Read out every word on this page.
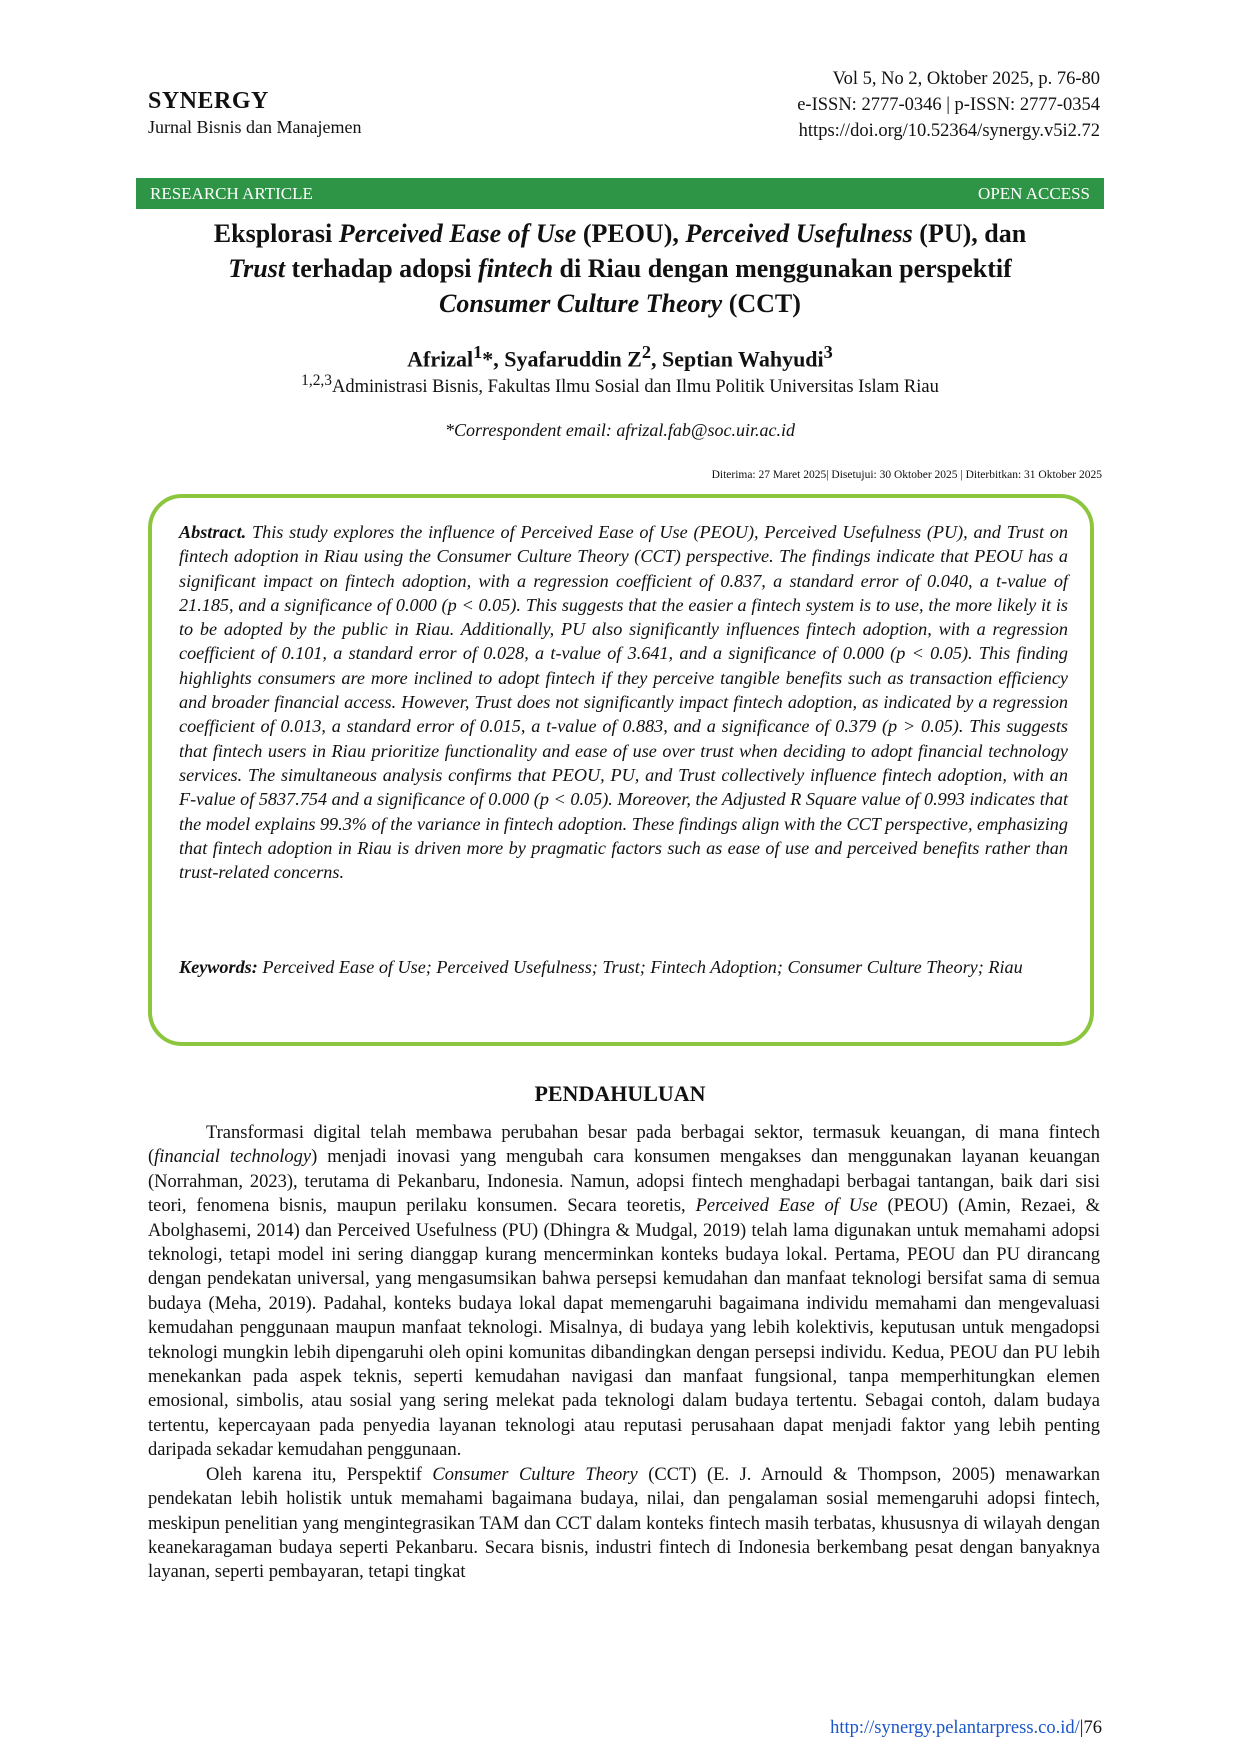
SYNERGY
Jurnal Bisnis dan Manajemen
Vol 5, No 2, Oktober 2025, p. 76-80
e-ISSN: 2777-0346 | p-ISSN: 2777-0354
https://doi.org/10.52364/synergy.v5i2.72
RESEARCH ARTICLE	OPEN ACCESS
Eksplorasi Perceived Ease of Use (PEOU), Perceived Usefulness (PU), dan
Trust terhadap adopsi fintech di Riau dengan menggunakan perspektif
Consumer Culture Theory (CCT)
Afrizal$^1$*, Syafaruddin $Z^2$, Septian Wahyudi$^3$
$^{1,2,3}$Administrasi Bisnis, Fakultas Ilmu Sosial dan Ilmu Politik Universitas Islam Riau
*Correspondent email: afrizal.fab@soc.uir.ac.id
Diterima: 27 Maret 2025| Disetujui: 30 Oktober 2025 | Diterbitkan: 31 Oktober 2025
Abstract. This study explores the influence of Perceived Ease of Use (PEOU), Perceived Usefulness (PU), and Trust on fintech adoption in Riau using the Consumer Culture Theory (CCT) perspective. The findings indicate that PEOU has a significant impact on fintech adoption, with a regression coefficient of 0.837, a standard error of 0.040, a t-value of 21.185, and a significance of 0.000 (p < 0.05). This suggests that the easier a fintech system is to use, the more likely it is to be adopted by the public in Riau. Additionally, PU also significantly influences fintech adoption, with a regression coefficient of 0.101, a standard error of 0.028, a t-value of 3.641, and a significance of 0.000 (p < 0.05). This finding highlights consumers are more inclined to adopt fintech if they perceive tangible benefits such as transaction efficiency and broader financial access. However, Trust does not significantly impact fintech adoption, as indicated by a regression coefficient of 0.013, a standard error of 0.015, a t-value of 0.883, and a significance of 0.379 (p > 0.05). This suggests that fintech users in Riau prioritize functionality and ease of use over trust when deciding to adopt financial technology services. The simultaneous analysis confirms that PEOU, PU, and Trust collectively influence fintech adoption, with an F-value of 5837.754 and a significance of 0.000 (p < 0.05). Moreover, the Adjusted R Square value of 0.993 indicates that the model explains 99.3% of the variance in fintech adoption. These findings align with the CCT perspective, emphasizing that fintech adoption in Riau is driven more by pragmatic factors such as ease of use and perceived benefits rather than trust-related concerns.
Keywords: Perceived Ease of Use; Perceived Usefulness; Trust; Fintech Adoption; Consumer Culture Theory; Riau
PENDAHULUAN

Transformasi digital telah membawa perubahan besar pada berbagai sektor, termasuk keuangan, di mana fintech (financial technology) menjadi inovasi yang mengubah cara konsumen mengakses dan menggunakan layanan keuangan (Norrahman, 2023), terutama di Pekanbaru, Indonesia. Namun, adopsi fintech menghadapi berbagai tantangan, baik dari sisi teori, fenomena bisnis, maupun perilaku konsumen. Secara teoretis, Perceived Ease of Use (PEOU) (Amin, Rezaei, & Abolghasemi, 2014) dan Perceived Usefulness (PU) (Dhingra & Mudgal, 2019) telah lama digunakan untuk memahami adopsi teknologi, tetapi model ini sering dianggap kurang mencerminkan konteks budaya lokal. Pertama, PEOU dan PU dirancang dengan pendekatan universal, yang mengasumsikan bahwa persepsi kemudahan dan manfaat teknologi bersifat sama di semua budaya (Meha, 2019). Padahal, konteks budaya lokal dapat memengaruhi bagaimana individu memahami dan mengevaluasi kemudahan penggunaan maupun manfaat teknologi. Misalnya, di budaya yang lebih kolektivis, keputusan untuk mengadopsi teknologi mungkin lebih dipengaruhi oleh opini komunitas dibandingkan dengan persepsi individu. Kedua, PEOU dan PU lebih menekankan pada aspek teknis, seperti kemudahan navigasi dan manfaat fungsional, tanpa memperhitungkan elemen emosional, simbolis, atau sosial yang sering melekat pada teknologi dalam budaya tertentu. Sebagai contoh, dalam budaya tertentu, kepercayaan pada penyedia layanan teknologi atau reputasi perusahaan dapat menjadi faktor yang lebih penting daripada sekadar kemudahan penggunaan.

Oleh karena itu, Perspektif Consumer Culture Theory (CCT) (E. J. Arnould & Thompson, 2005) menawarkan pendekatan lebih holistik untuk memahami bagaimana budaya, nilai, dan pengalaman sosial memengaruhi adopsi fintech, meskipun penelitian yang mengintegrasikan TAM dan CCT dalam konteks fintech masih terbatas, khususnya di wilayah dengan keanekaragaman budaya seperti Pekanbaru. Secara bisnis, industri fintech di Indonesia berkembang pesat dengan banyaknya layanan, seperti pembayaran, tetapi tingkat

http://synergy.pelantarpress.co.id/|76
